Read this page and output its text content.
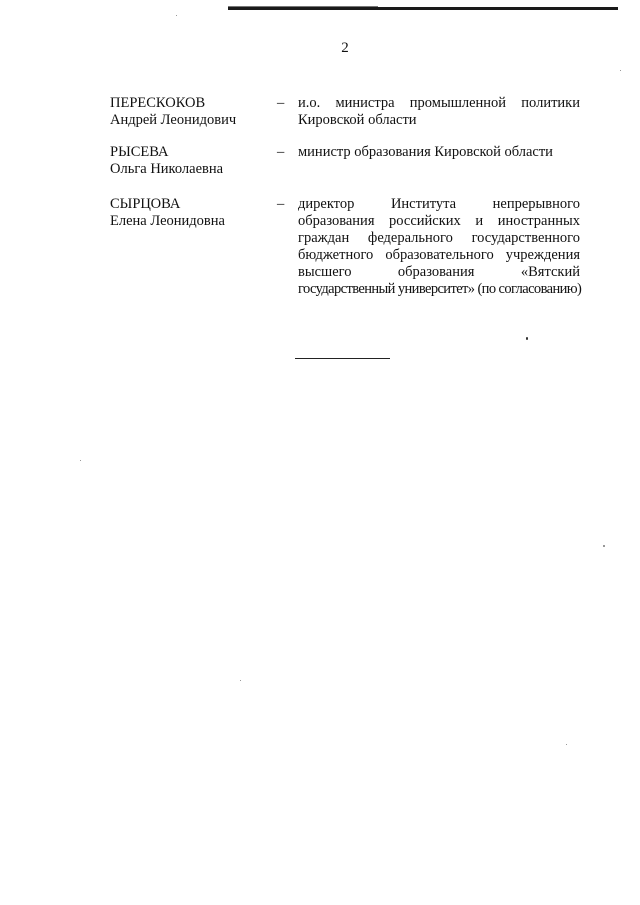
2
ПЕРЕСКОКОВ
Андрей Леонидович
– и.о. министра промышленной политики
Кировской области
РЫСЕВА
Ольга Николаевна
– министр образования Кировской области
СЫРЦОВА
Елена Леонидовна
– директор Института непрерывного
образования российских и иностранных
граждан федерального государственного
бюджетного образовательного учреждения
высшего образования «Вятский
государственный университет» (по согласованию)
